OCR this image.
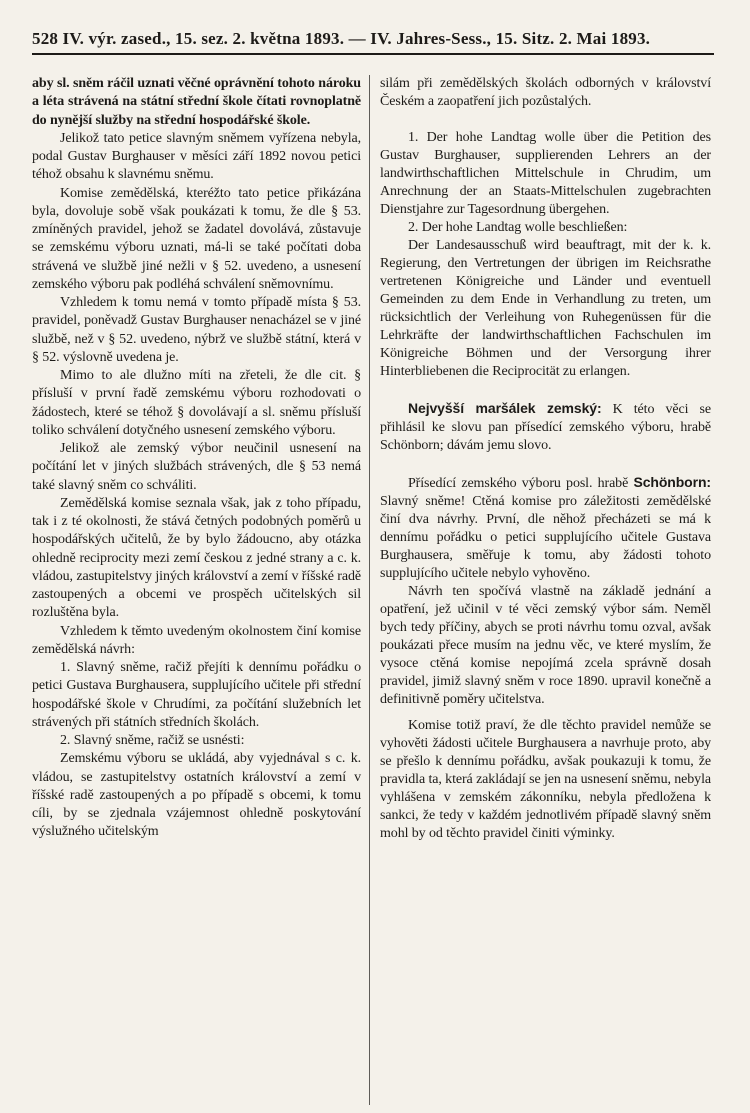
528 IV. výr. zased., 15. sez. 2. května 1893. — IV. Jahres-Sess., 15. Sitz. 2. Mai 1893.

aby sl. sněm ráčil uznati věčné oprávnění tohoto nároku a léta strávená na státní střední škole čítati rovnoplatně do nynější služby na střední hospodářské škole.

Jelikož tato petice slavným sněmem vyřízena nebyla, podal Gustav Burghauser v měsíci září 1892 novou petici téhož obsahu k slavnému sněmu.

Komise zemědělská, kteréžto tato petice přikázána byla, dovoluje sobě však poukázati k tomu, že dle § 53. zmíněných pravidel, jehož se žadatel dovolává, zůstavuje se zemskému výboru uznati, má-li se také počítati doba strávená ve službě jiné nežli v § 52. uvedeno, a usnesení zemského výboru pak podléhá schválení sněmovnímu.

Vzhledem k tomu nemá v tomto případě místa § 53. pravidel, poněvadž Gustav Burghauser nenacházel se v jiné službě, než v § 52. uvedeno, nýbrž ve službě státní, která v § 52. výslovně uvedena je.

Mimo to ale dlužno míti na zřeteli, že dle cit. § přísluší v první řadě zemskému výboru rozhodovati o žádostech, které se téhož § dovolávají a sl. sněmu přísluší toliko schválení dotyčného usnesení zemského výboru.

Jelikož ale zemský výbor neučinil usnesení na počítání let v jiných službách strávených, dle § 53 nemá také slavný sněm co schváliti.

Zemědělská komise seznala však, jak z toho případu, tak i z té okolnosti, že stává četných podobných poměrů u hospodářských učitelů, že by bylo žádoucno, aby otázka ohledně reciprocity mezi zemí českou z jedné strany a c. k. vládou, zastupitelstvy jiných království a zemí v říšské radě zastoupených a obcemi ve prospěch učitelských sil rozluštěna byla.

Vzhledem k těmto uvedeným okolnostem činí komise zemědělská návrh:

1. Slavný sněme, račiž přejíti k dennímu pořádku o petici Gustava Burghausera, supplujícího učitele při střední hospodářské škole v Chrudími, za počítání služebních let strávených při státních středních školách.

2. Slavný sněme, račiž se usnésti:

Zemskému výboru se ukládá, aby vyjednával s c. k. vládou, se zastupitelstvy ostatních království a zemí v říšské radě zastoupených a po případě s obcemi, k tomu cíli, by se zjednala vzájemnost ohledně poskytování výslužného učitelským

silám při zemědělských školách odborných v království Českém a zaopatření jich pozůstalých.

1. Der hohe Landtag wolle über die Petition des Gustav Burghauser, supplierenden Lehrers an der landwirthschaftlichen Mittelschule in Chrudim, um Anrechnung der an Staats-Mittelschulen zugebrachten Dienstjahre zur Tagesordnung übergehen.

2. Der hohe Landtag wolle beschließen:

Der Landesausschuß wird beauftragt, mit der k. k. Regierung, den Vertretungen der übrigen im Reichsrathe vertretenen Königreiche und Länder und eventuell Gemeinden zu dem Ende in Verhandlung zu treten, um rücksichtlich der Verleihung von Ruhegenüssen für die Lehrkräfte der landwirthschaftlichen Fachschulen im Königreiche Böhmen und der Versorgung ihrer Hinterbliebenen die Reciprocität zu erlangen.

Nejvyšší maršálek zemský: K této věci se přihlásil ke slovu pan přísedící zemského výboru, hrabě Schönborn; dávám jemu slovo.

Přísedící zemského výboru posl. hrabě Schönborn: Slavný sněme! Ctěná komise pro záležitosti zemědělské činí dva návrhy. První, dle něhož přecházeti se má k dennímu pořádku o petici supplujícího učitele Gustava Burghausera, směřuje k tomu, aby žádosti tohoto supplujícího učitele nebylo vyhověno.

Návrh ten spočívá vlastně na základě jednání a opatření, jež učinil v té věci zemský výbor sám. Neměl bych tedy příčiny, abych se proti návrhu tomu ozval, avšak poukázati přece musím na jednu věc, ve které myslím, že vysoce ctěná komise nepojímá zcela správně dosah pravidel, jimiž slavný sněm v roce 1890. upravil konečně a definitivně poměry učitelstva.

Komise totiž praví, že dle těchto pravidel nemůže se vyhověti žádosti učitele Burghausera a navrhuje proto, aby se přešlo k dennímu pořádku, avšak poukazuji k tomu, že pravidla ta, která zakládají se jen na usnesení sněmu, nebyla vyhlášena v zemském zákonníku, nebyla předložena k sankci, že tedy v každém jednotlivém případě slavný sněm mohl by od těchto pravidel činiti výminky.
